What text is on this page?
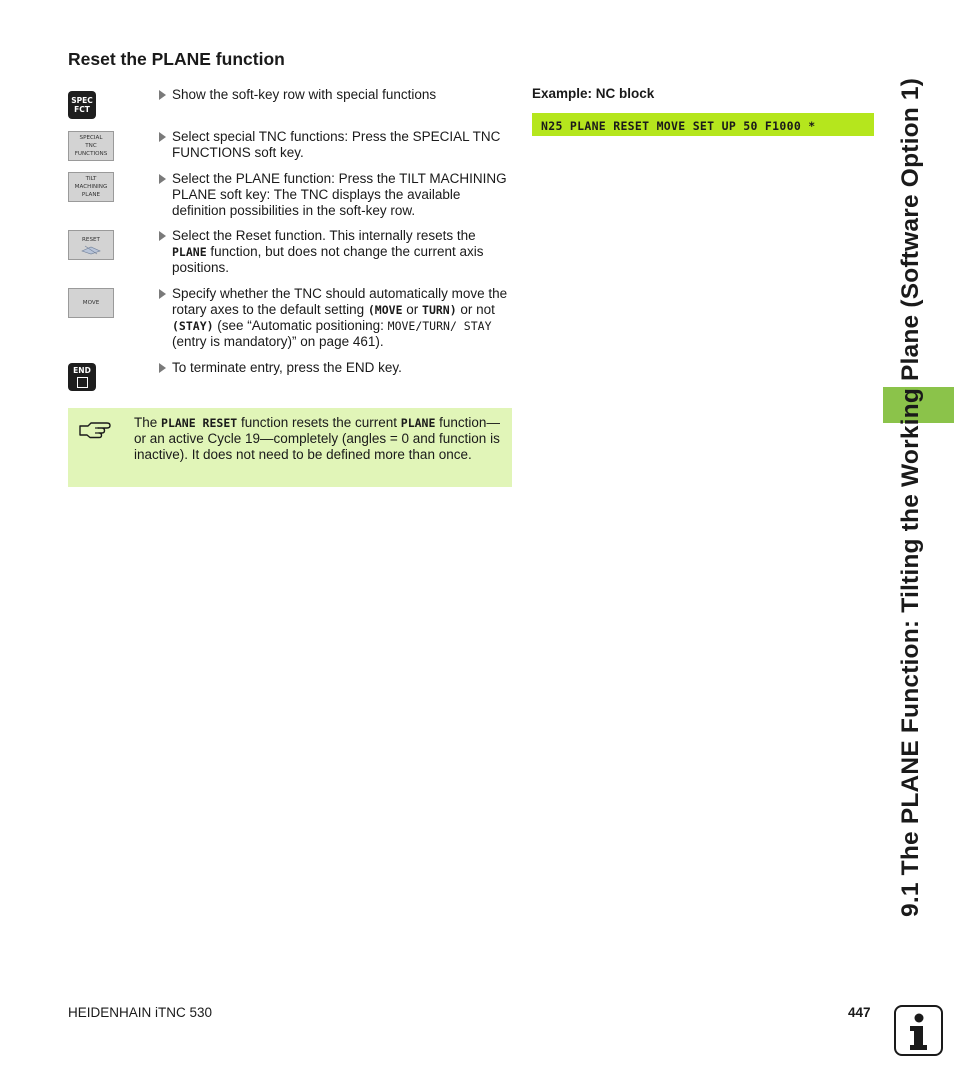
Reset the PLANE function
SPEC
FCT
Show the soft-key row with special functions
SPECIAL
TNC
FUNCTIONS
Select special TNC functions: Press the SPECIAL TNC FUNCTIONS soft key.
TILT
MACHINING
PLANE
Select the PLANE function: Press the TILT MACHINING PLANE soft key: The TNC displays the available definition possibilities in the soft-key row.
RESET	Select the Reset function. This internally resets the PLANE function, but does not change the current axis positions.
MOVE
Specify whether the TNC should automatically move the rotary axes to the default setting (MOVE or TURN) or not (STAY) (see “Automatic positioning: MOVE/TURN/ STAY (entry is mandatory)” on page 461).
END	To terminate entry, press the END key.
The PLANE RESET function resets the current PLANE function—or an active Cycle 19—completely (angles = 0 and function is inactive). It does not need to be defined more than once.
Example: NC block
N25 PLANE RESET MOVE SET UP 50 F1000 *	9.1 The PLANE Function: Tilting the Working Plane (Software Option 1)
HEIDENHAIN iTNC 530	447
